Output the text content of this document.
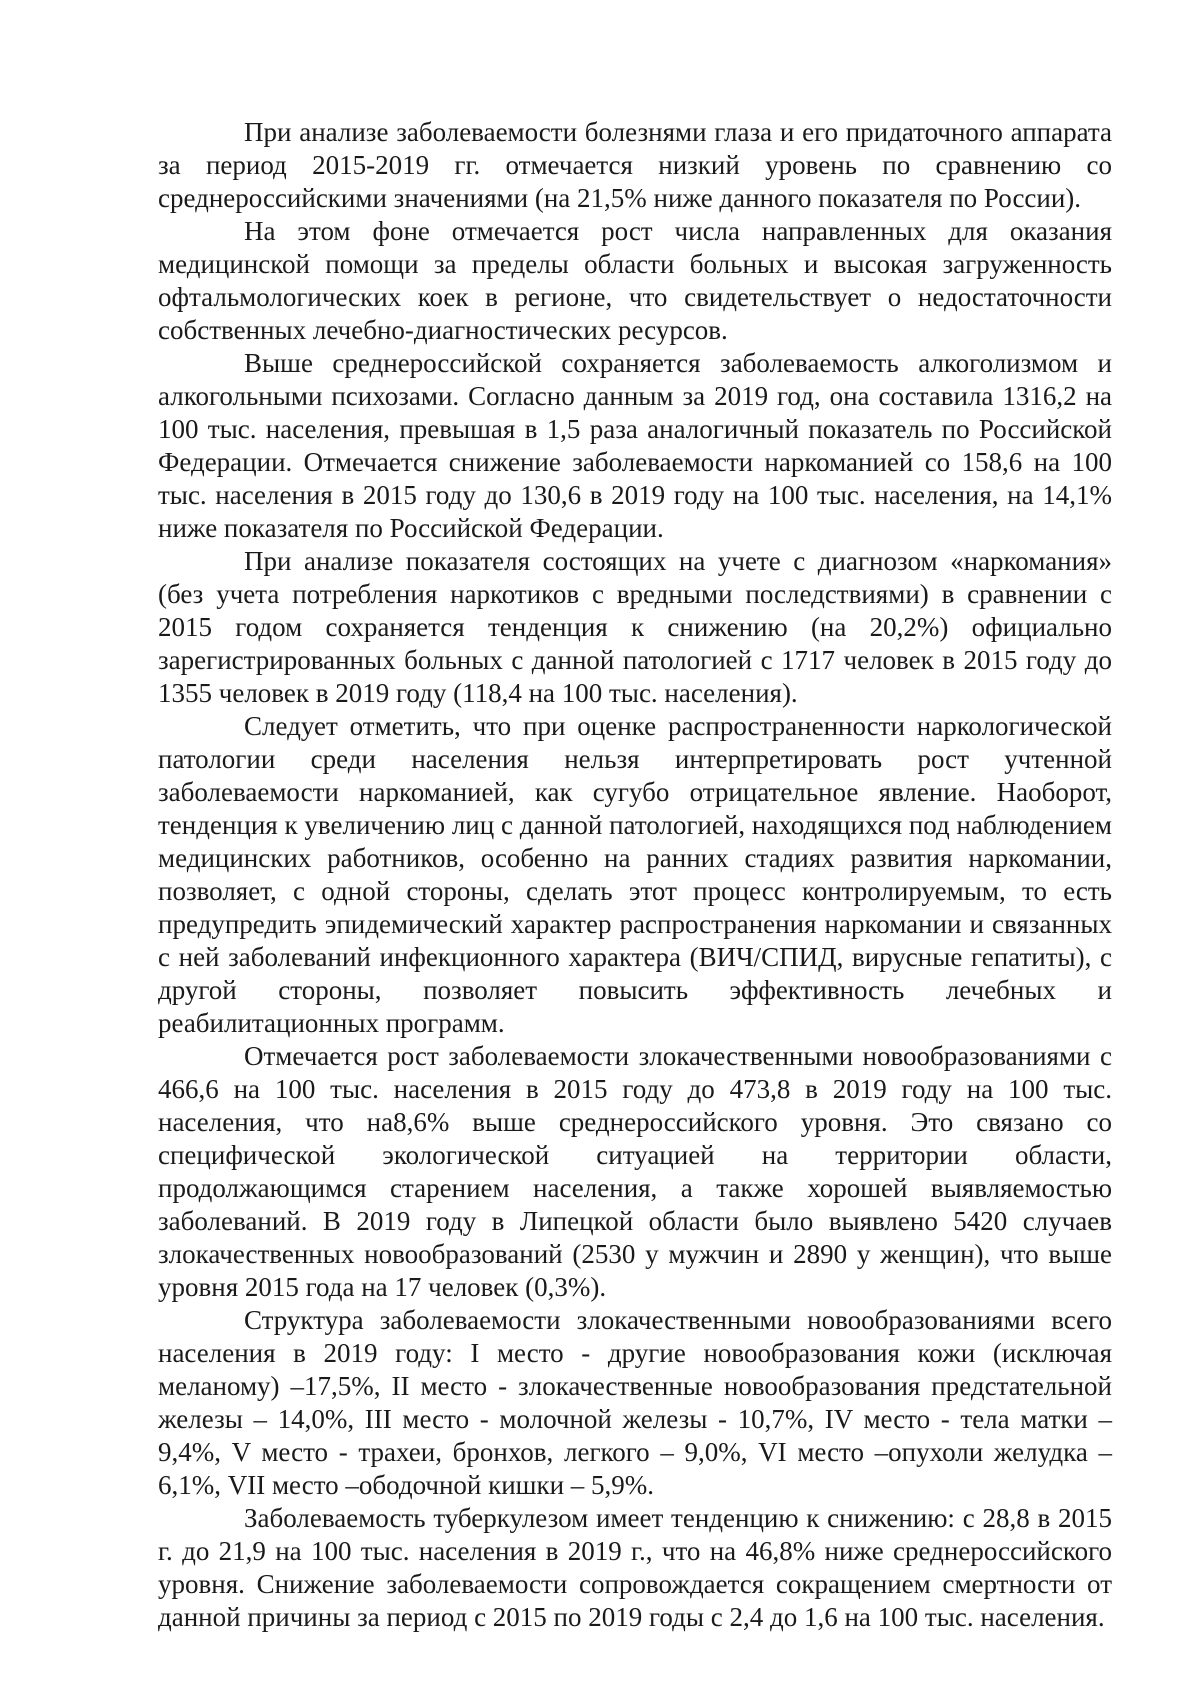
При анализе заболеваемости болезнями глаза и его придаточного аппарата за период 2015-2019 гг. отмечается низкий уровень по сравнению со среднероссийскими значениями (на 21,5% ниже данного показателя по России).

На этом фоне отмечается рост числа направленных для оказания медицинской помощи за пределы области больных и высокая загруженность офтальмологических коек в регионе, что свидетельствует о недостаточности собственных лечебно-диагностических ресурсов.

Выше среднероссийской сохраняется заболеваемость алкоголизмом и алкогольными психозами. Согласно данным за 2019 год, она составила 1316,2 на 100 тыс. населения, превышая в 1,5 раза аналогичный показатель по Российской Федерации. Отмечается снижение заболеваемости наркоманией со 158,6 на 100 тыс. населения в 2015 году до 130,6 в 2019 году на 100 тыс. населения, на 14,1% ниже показателя по Российской Федерации.

При анализе показателя состоящих на учете с диагнозом «наркомания» (без учета потребления наркотиков с вредными последствиями) в сравнении с 2015 годом сохраняется тенденция к снижению (на 20,2%) официально зарегистрированных больных с данной патологией с 1717 человек в 2015 году до 1355 человек в 2019 году (118,4 на 100 тыс. населения).

Следует отметить, что при оценке распространенности наркологической патологии среди населения нельзя интерпретировать рост учтенной заболеваемости наркоманией, как сугубо отрицательное явление. Наоборот, тенденция к увеличению лиц с данной патологией, находящихся под наблюдением медицинских работников, особенно на ранних стадиях развития наркомании, позволяет, с одной стороны, сделать этот процесс контролируемым, то есть предупредить эпидемический характер распространения наркомании и связанных с ней заболеваний инфекционного характера (ВИЧ/СПИД, вирусные гепатиты), с другой стороны, позволяет повысить эффективность лечебных и реабилитационных программ.

Отмечается рост заболеваемости злокачественными новообразованиями с 466,6 на 100 тыс. населения в 2015 году до 473,8 в 2019 году на 100 тыс. населения, что на8,6% выше среднероссийского уровня. Это связано со специфической экологической ситуацией на территории области, продолжающимся старением населения, а также хорошей выявляемостью заболеваний. В 2019 году в Липецкой области было выявлено 5420 случаев злокачественных новообразований (2530 у мужчин и 2890 у женщин), что выше уровня 2015 года на 17 человек (0,3%).

Структура заболеваемости злокачественными новообразованиями всего населения в 2019 году: I место - другие новообразования кожи (исключая меланому) –17,5%, II место - злокачественные новообразования предстательной железы – 14,0%, III место - молочной железы - 10,7%, IV место - тела матки – 9,4%, V место - трахеи, бронхов, легкого – 9,0%, VI место –опухоли желудка – 6,1%, VII место –ободочной кишки – 5,9%.

Заболеваемость туберкулезом имеет тенденцию к снижению: с 28,8 в 2015 г. до 21,9 на 100 тыс. населения в 2019 г., что на 46,8% ниже среднероссийского уровня. Снижение заболеваемости сопровождается сокращением смертности от данной причины за период с 2015 по 2019 годы с 2,4 до 1,6 на 100 тыс. населения.
